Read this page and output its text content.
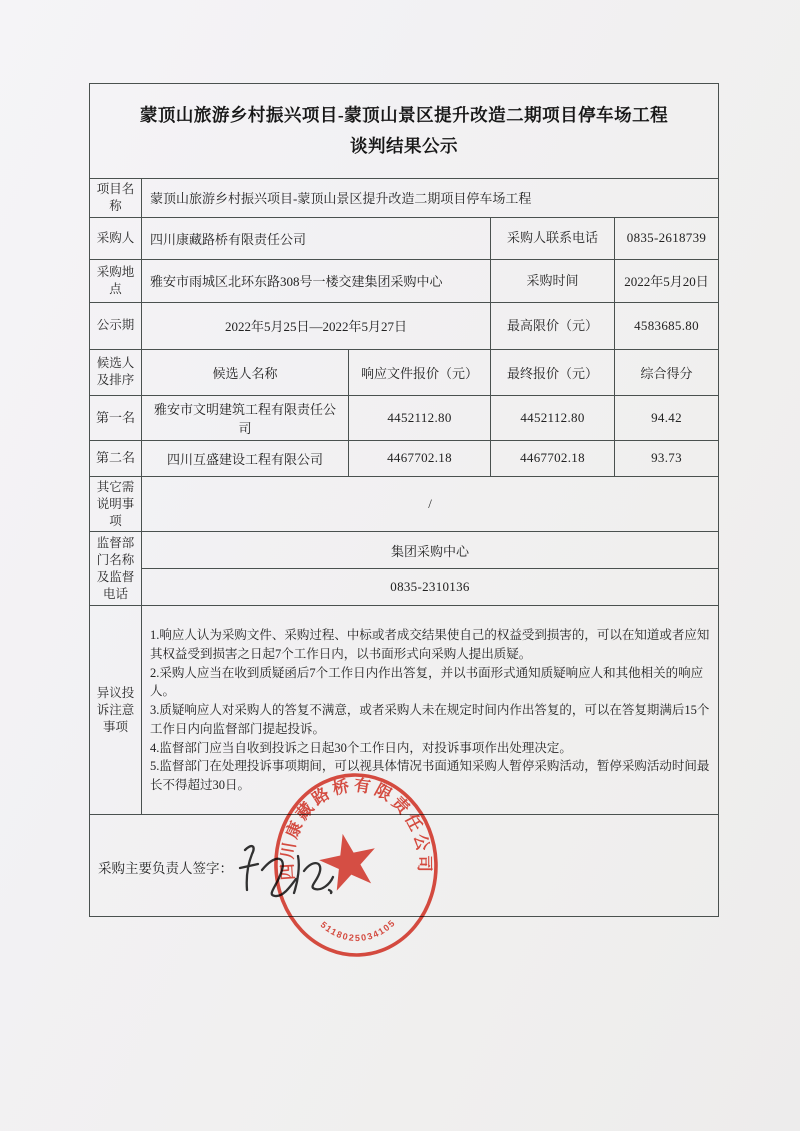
蒙顶山旅游乡村振兴项目-蒙顶山景区提升改造二期项目停车场工程
谈判结果公示				

项目名称	蒙顶山旅游乡村振兴项目-蒙顶山景区提升改造二期项目停车场工程			
采购人	四川康藏路桥有限责任公司		采购人联系电话	0835-2618739
采购地点	雅安市雨城区北环东路308号一楼交建集团采购中心		采购时间	2022年5月20日
公示期	2022年5月25日—2022年5月27日		最高限价（元）	4583685.80
候选人及排序	候选人名称	响应文件报价（元）	最终报价（元）	综合得分
第一名	雅安市文明建筑工程有限责任公司	4452112.80	4452112.80	94.42
第二名	四川互盛建设工程有限公司	4467702.18	4467702.18	93.73
其它需说明事项	/			
监督部门名称及监督电话	集团采购中心			
	0835-2310136			
异议投诉注意事项	1.响应人认为采购文件、采购过程、中标或者成交结果使自己的权益受到损害的，可以在知道或者应知其权益受到损害之日起7个工作日内，以书面形式向采购人提出质疑。
2.采购人应当在收到质疑函后7个工作日内作出答复，并以书面形式通知质疑响应人和其他相关的响应人。
3.质疑响应人对采购人的答复不满意，或者采购人未在规定时间内作出答复的，可以在答复期满后15个工作日内向监督部门提起投诉。
4.监督部门应当自收到投诉之日起30个工作日内，对投诉事项作出处理决定。
5.监督部门在处理投诉事项期间，可以视具体情况书面通知采购人暂停采购活动，暂停采购活动时间最长不得超过30日。			

采购主要负责人签字：					四川康藏路桥有限责任公司
5118025034105
